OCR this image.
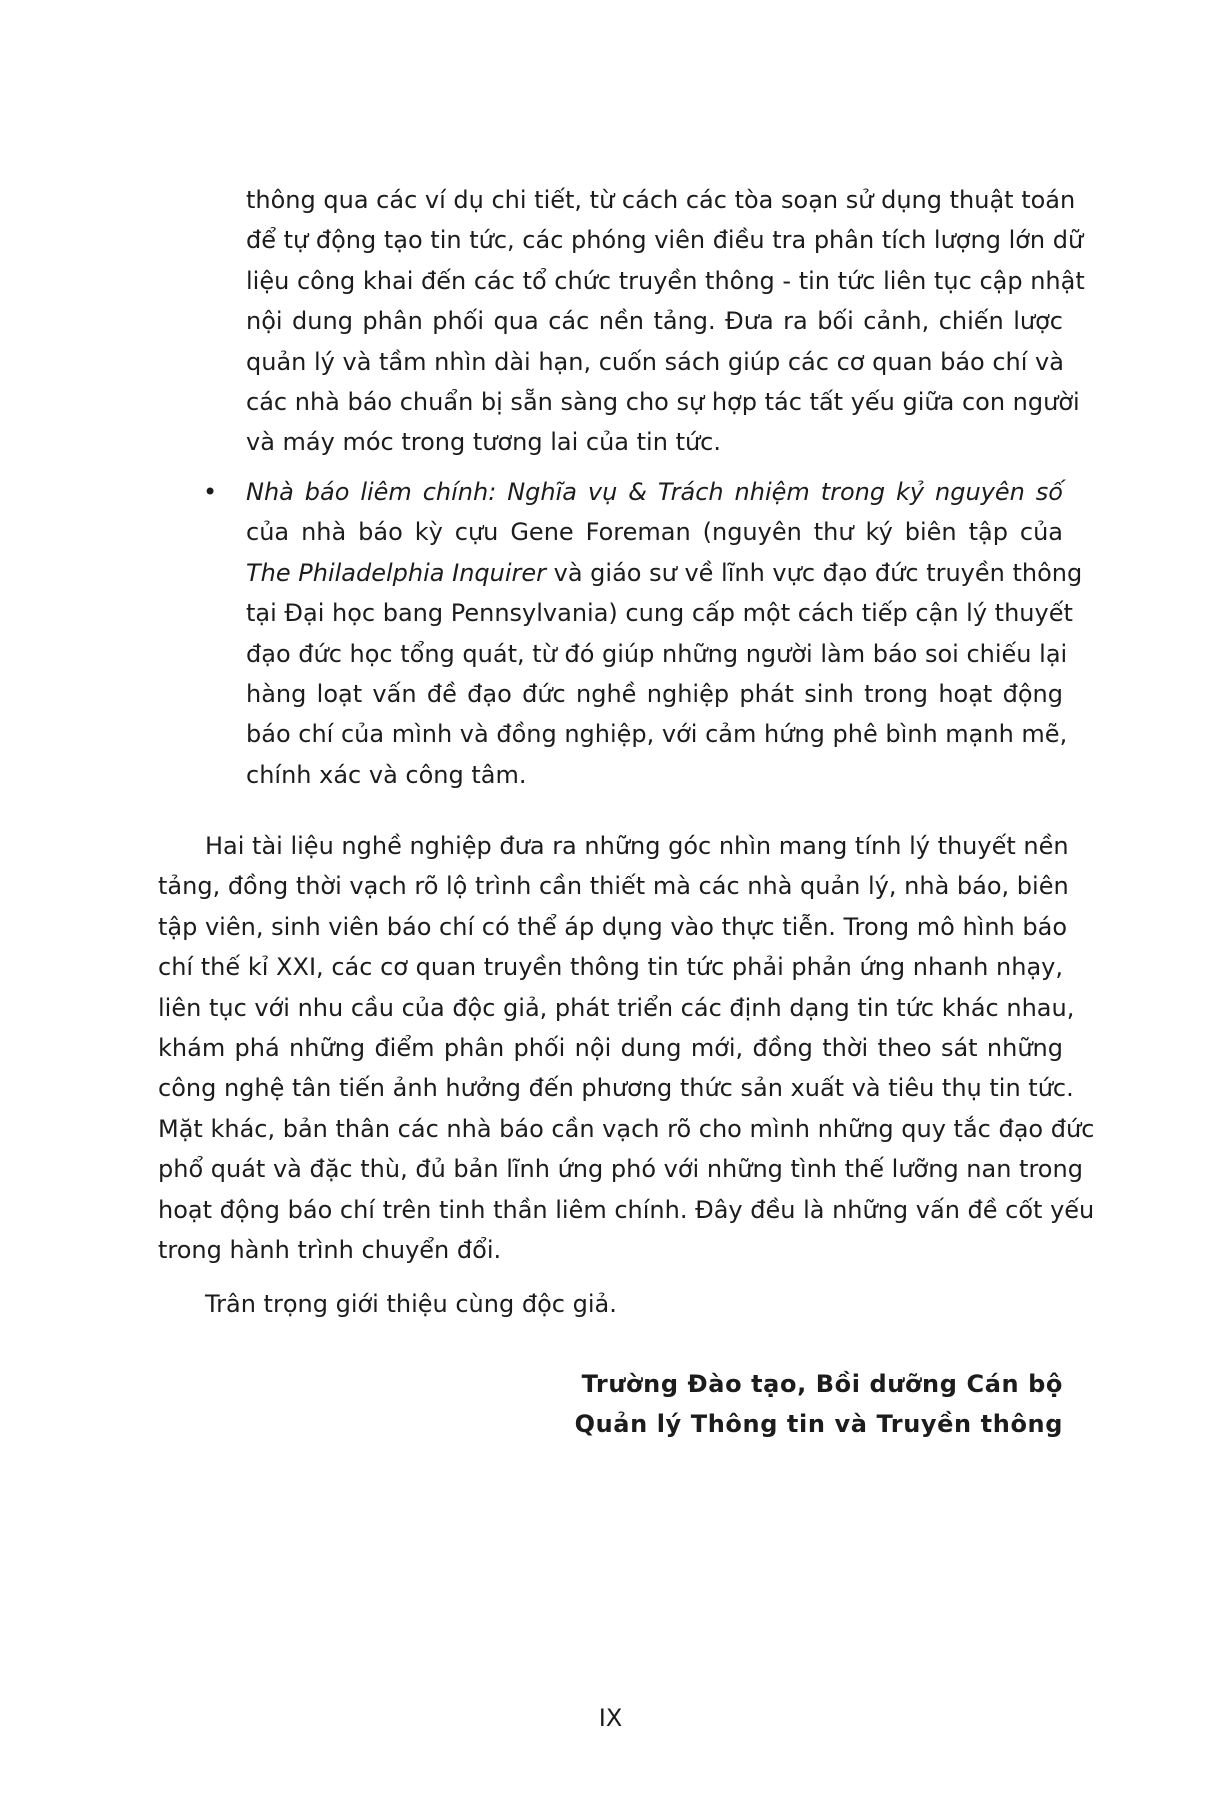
thông qua các ví dụ chi tiết, từ cách các tòa soạn sử dụng thuật toán
để tự động tạo tin tức, các phóng viên điều tra phân tích lượng lớn dữ
liệu công khai đến các tổ chức truyền thông - tin tức liên tục cập nhật
nội dung phân phối qua các nền tảng. Đưa ra bối cảnh, chiến lược
quản lý và tầm nhìn dài hạn, cuốn sách giúp các cơ quan báo chí và
các nhà báo chuẩn bị sẵn sàng cho sự hợp tác tất yếu giữa con người
và máy móc trong tương lai của tin tức.
• Nhà báo liêm chính: Nghĩa vụ & Trách nhiệm trong kỷ nguyên số
của nhà báo kỳ cựu Gene Foreman (nguyên thư ký biên tập của
The Philadelphia Inquirer và giáo sư về lĩnh vực đạo đức truyền thông
tại Đại học bang Pennsylvania) cung cấp một cách tiếp cận lý thuyết
đạo đức học tổng quát, từ đó giúp những người làm báo soi chiếu lại
hàng loạt vấn đề đạo đức nghề nghiệp phát sinh trong hoạt động
báo chí của mình và đồng nghiệp, với cảm hứng phê bình mạnh mẽ,
chính xác và công tâm.
Hai tài liệu nghề nghiệp đưa ra những góc nhìn mang tính lý thuyết nền
tảng, đồng thời vạch rõ lộ trình cần thiết mà các nhà quản lý, nhà báo, biên
tập viên, sinh viên báo chí có thể áp dụng vào thực tiễn. Trong mô hình báo
chí thế kỉ XXI, các cơ quan truyền thông tin tức phải phản ứng nhanh nhạy,
liên tục với nhu cầu của độc giả, phát triển các định dạng tin tức khác nhau,
khám phá những điểm phân phối nội dung mới, đồng thời theo sát những
công nghệ tân tiến ảnh hưởng đến phương thức sản xuất và tiêu thụ tin tức.
Mặt khác, bản thân các nhà báo cần vạch rõ cho mình những quy tắc đạo đức
phổ quát và đặc thù, đủ bản lĩnh ứng phó với những tình thế lưỡng nan trong
hoạt động báo chí trên tinh thần liêm chính. Đây đều là những vấn đề cốt yếu
trong hành trình chuyển đổi.
Trân trọng giới thiệu cùng độc giả.
Trường Đào tạo, Bồi dưỡng Cán bộ
Quản lý Thông tin và Truyền thông
IX
